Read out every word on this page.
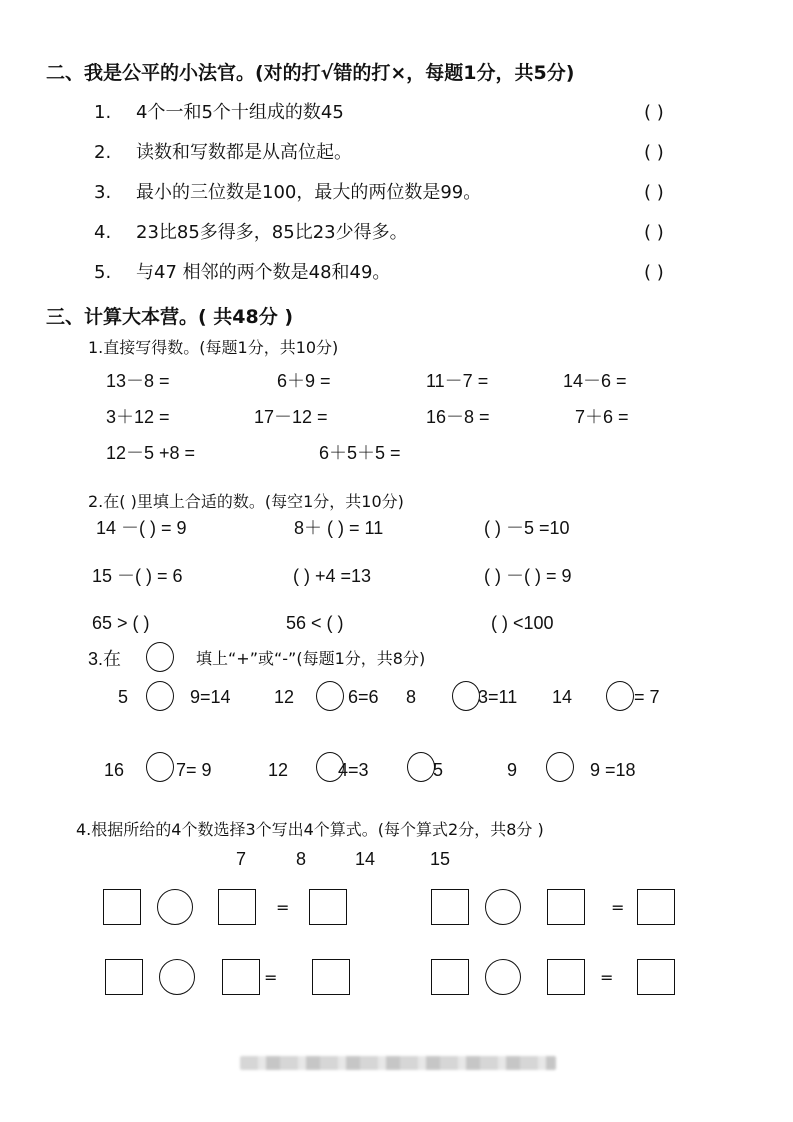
二、我是公平的小法官。(对的打√错的打×，每题1分，共5分)
1. 4个一和5个十组成的数45	( )
2. 读数和写数都是从高位起。	( )
3. 最小的三位数是100，最大的两位数是99。	( )
4. 23比85多得多，85比23少得多。	( )
5. 与47 相邻的两个数是48和49。	( )
三、计算大本营。( 共48分 )
1.直接写得数。(每题1分，共10分)
13－8 =	6＋9 =	11－7 =	14－6 =
3＋12 =	17－12 =	16－8 =	7＋6 =
12－5 +8 =	6＋5＋5 =
2.在( )里填上合适的数。(每空1分，共10分)
14 －( ) = 9	8＋ ( ) = 11	( ) －5 =10
15 －( ) = 6	( ) +4 =13	( ) －( ) = 9
65 > ( )	56 < ( )	( ) <100
3.在	填上“+”或“-”(每题1分，共8分)
5	9=14 12	6=6 8	3=11 14	= 7
16	7= 9	12	4=3	5	9	9 =18
4.根据所给的4个数选择3个写出4个算式。(每个算式2分，共8分 )
7	8	14	15
=	=
=	=
